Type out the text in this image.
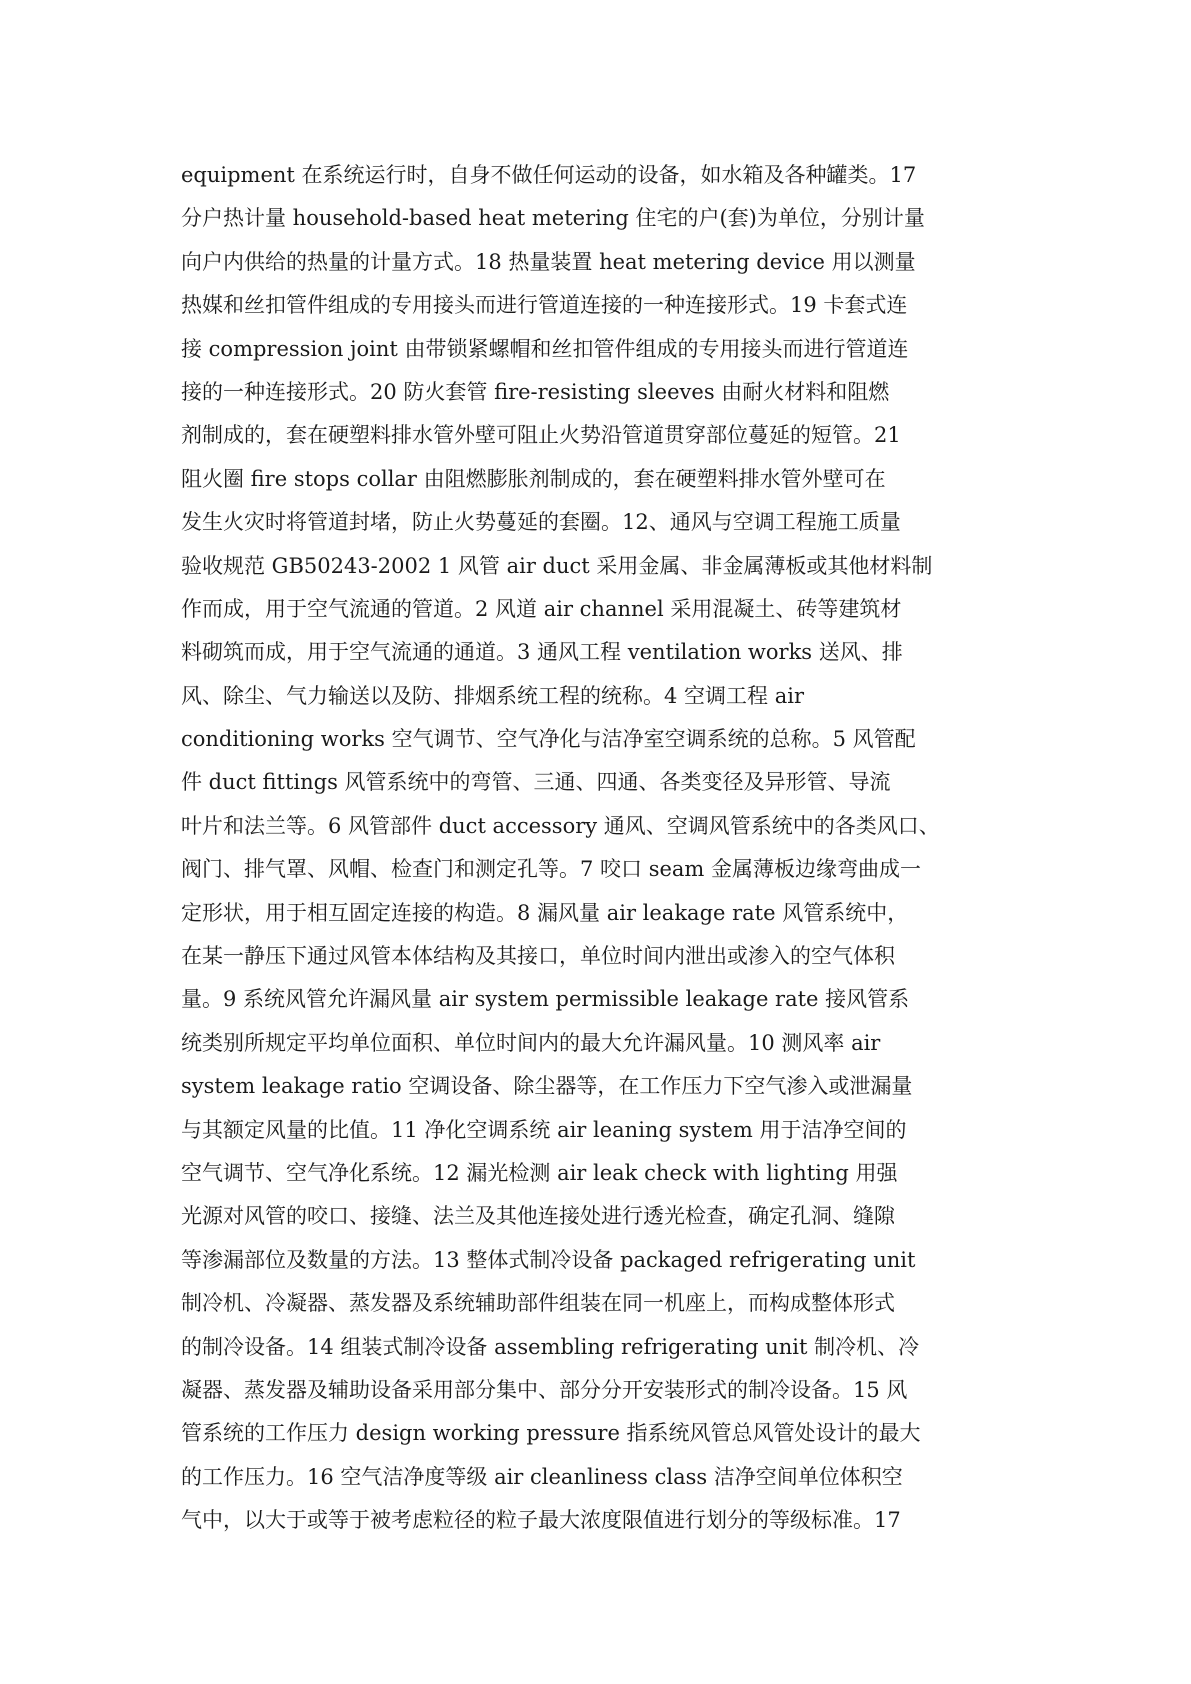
equipment 在系统运行时，自身不做任何运动的设备，如水箱及各种罐类。17
分户热计量 household-based heat metering 住宅的户(套)为单位，分别计量
向户内供给的热量的计量方式。18 热量装置 heat metering device 用以测量
热媒和丝扣管件组成的专用接头而进行管道连接的一种连接形式。19 卡套式连
接 compression joint 由带锁紧螺帽和丝扣管件组成的专用接头而进行管道连
接的一种连接形式。20 防火套管 fire-resisting sleeves 由耐火材料和阻燃
剂制成的，套在硬塑料排水管外壁可阻止火势沿管道贯穿部位蔓延的短管。21
阻火圈 fire stops collar 由阻燃膨胀剂制成的，套在硬塑料排水管外壁可在
发生火灾时将管道封堵，防止火势蔓延的套圈。12、通风与空调工程施工质量
验收规范 GB50243-2002 1 风管 air duct 采用金属、非金属薄板或其他材料制
作而成，用于空气流通的管道。2 风道 air channel 采用混凝土、砖等建筑材
料砌筑而成，用于空气流通的通道。3 通风工程 ventilation works 送风、排
风、除尘、气力输送以及防、排烟系统工程的统称。4 空调工程 air
conditioning works 空气调节、空气净化与洁净室空调系统的总称。5 风管配
件 duct fittings 风管系统中的弯管、三通、四通、各类变径及异形管、导流
叶片和法兰等。6 风管部件 duct accessory 通风、空调风管系统中的各类风口、
阀门、排气罩、风帽、检查门和测定孔等。7 咬口 seam 金属薄板边缘弯曲成一
定形状，用于相互固定连接的构造。8 漏风量 air leakage rate 风管系统中，
在某一静压下通过风管本体结构及其接口，单位时间内泄出或渗入的空气体积
量。9 系统风管允许漏风量 air system permissible leakage rate 接风管系
统类别所规定平均单位面积、单位时间内的最大允许漏风量。10 测风率 air
system leakage ratio 空调设备、除尘器等，在工作压力下空气渗入或泄漏量
与其额定风量的比值。11 净化空调系统 air leaning system 用于洁净空间的
空气调节、空气净化系统。12 漏光检测 air leak check with lighting 用强
光源对风管的咬口、接缝、法兰及其他连接处进行透光检查，确定孔洞、缝隙
等渗漏部位及数量的方法。13 整体式制冷设备 packaged refrigerating unit
制冷机、冷凝器、蒸发器及系统辅助部件组装在同一机座上，而构成整体形式
的制冷设备。14 组装式制冷设备 assembling refrigerating unit 制冷机、冷
凝器、蒸发器及辅助设备采用部分集中、部分分开安装形式的制冷设备。15 风
管系统的工作压力 design working pressure 指系统风管总风管处设计的最大
的工作压力。16 空气洁净度等级 air cleanliness class 洁净空间单位体积空
气中，以大于或等于被考虑粒径的粒子最大浓度限值进行划分的等级标准。17
